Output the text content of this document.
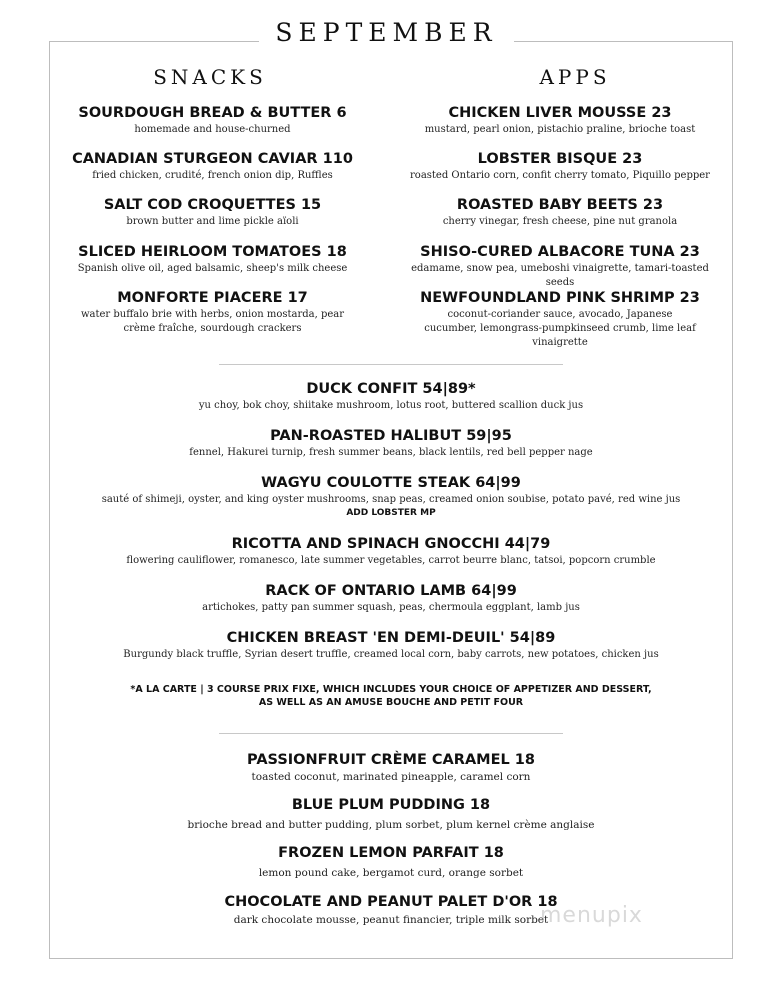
SEPTEMBER
SNACKS	APPS
SOURDOUGH BREAD & BUTTER 6
homemade and house-churned
CANADIAN STURGEON CAVIAR 110
fried chicken, crudité, french onion dip, Ruffles
SALT COD CROQUETTES 15
brown butter and lime pickle aïoli
SLICED HEIRLOOM TOMATOES 18
Spanish olive oil, aged balsamic, sheep's milk cheese
MONFORTE PIACERE 17
water buffalo brie with herbs, onion mostarda, pear crème fraîche, sourdough crackers
CHICKEN LIVER MOUSSE 23
mustard, pearl onion, pistachio praline, brioche toast
LOBSTER BISQUE 23
roasted Ontario corn, confit cherry tomato, Piquillo pepper
ROASTED BABY BEETS 23
cherry vinegar, fresh cheese, pine nut granola
SHISO-CURED ALBACORE TUNA 23
edamame, snow pea, umeboshi vinaigrette, tamari-toasted seeds
NEWFOUNDLAND PINK SHRIMP 23
coconut-coriander sauce, avocado, Japanese cucumber, lemongrass-pumpkinseed crumb, lime leaf vinaigrette
DUCK CONFIT 54|89*
yu choy, bok choy, shiitake mushroom, lotus root, buttered scallion duck jus
PAN-ROASTED HALIBUT 59|95
fennel, Hakurei turnip, fresh summer beans, black lentils, red bell pepper nage
WAGYU COULOTTE STEAK 64|99
sauté of shimeji, oyster, and king oyster mushrooms, snap peas, creamed onion soubise, potato pavé, red wine jus
ADD LOBSTER MP
RICOTTA AND SPINACH GNOCCHI 44|79
flowering cauliflower, romanesco, late summer vegetables, carrot beurre blanc, tatsoi, popcorn crumble
RACK OF ONTARIO LAMB 64|99
artichokes, patty pan summer squash, peas, chermoula eggplant, lamb jus
CHICKEN BREAST 'EN DEMI-DEUIL' 54|89
Burgundy black truffle, Syrian desert truffle, creamed local corn, baby carrots, new potatoes, chicken jus
*A LA CARTE | 3 COURSE PRIX FIXE, WHICH INCLUDES YOUR CHOICE OF APPETIZER AND DESSERT,
AS WELL AS AN AMUSE BOUCHE AND PETIT FOUR
PASSIONFRUIT CRÈME CARAMEL 18
toasted coconut, marinated pineapple, caramel corn
BLUE PLUM PUDDING 18
brioche bread and butter pudding, plum sorbet, plum kernel crème anglaise
FROZEN LEMON PARFAIT 18
lemon pound cake, bergamot curd, orange sorbet
CHOCOLATE AND PEANUT PALET D'OR 18
dark chocolate mousse, peanut financier, triple milk sorbet
menupix
